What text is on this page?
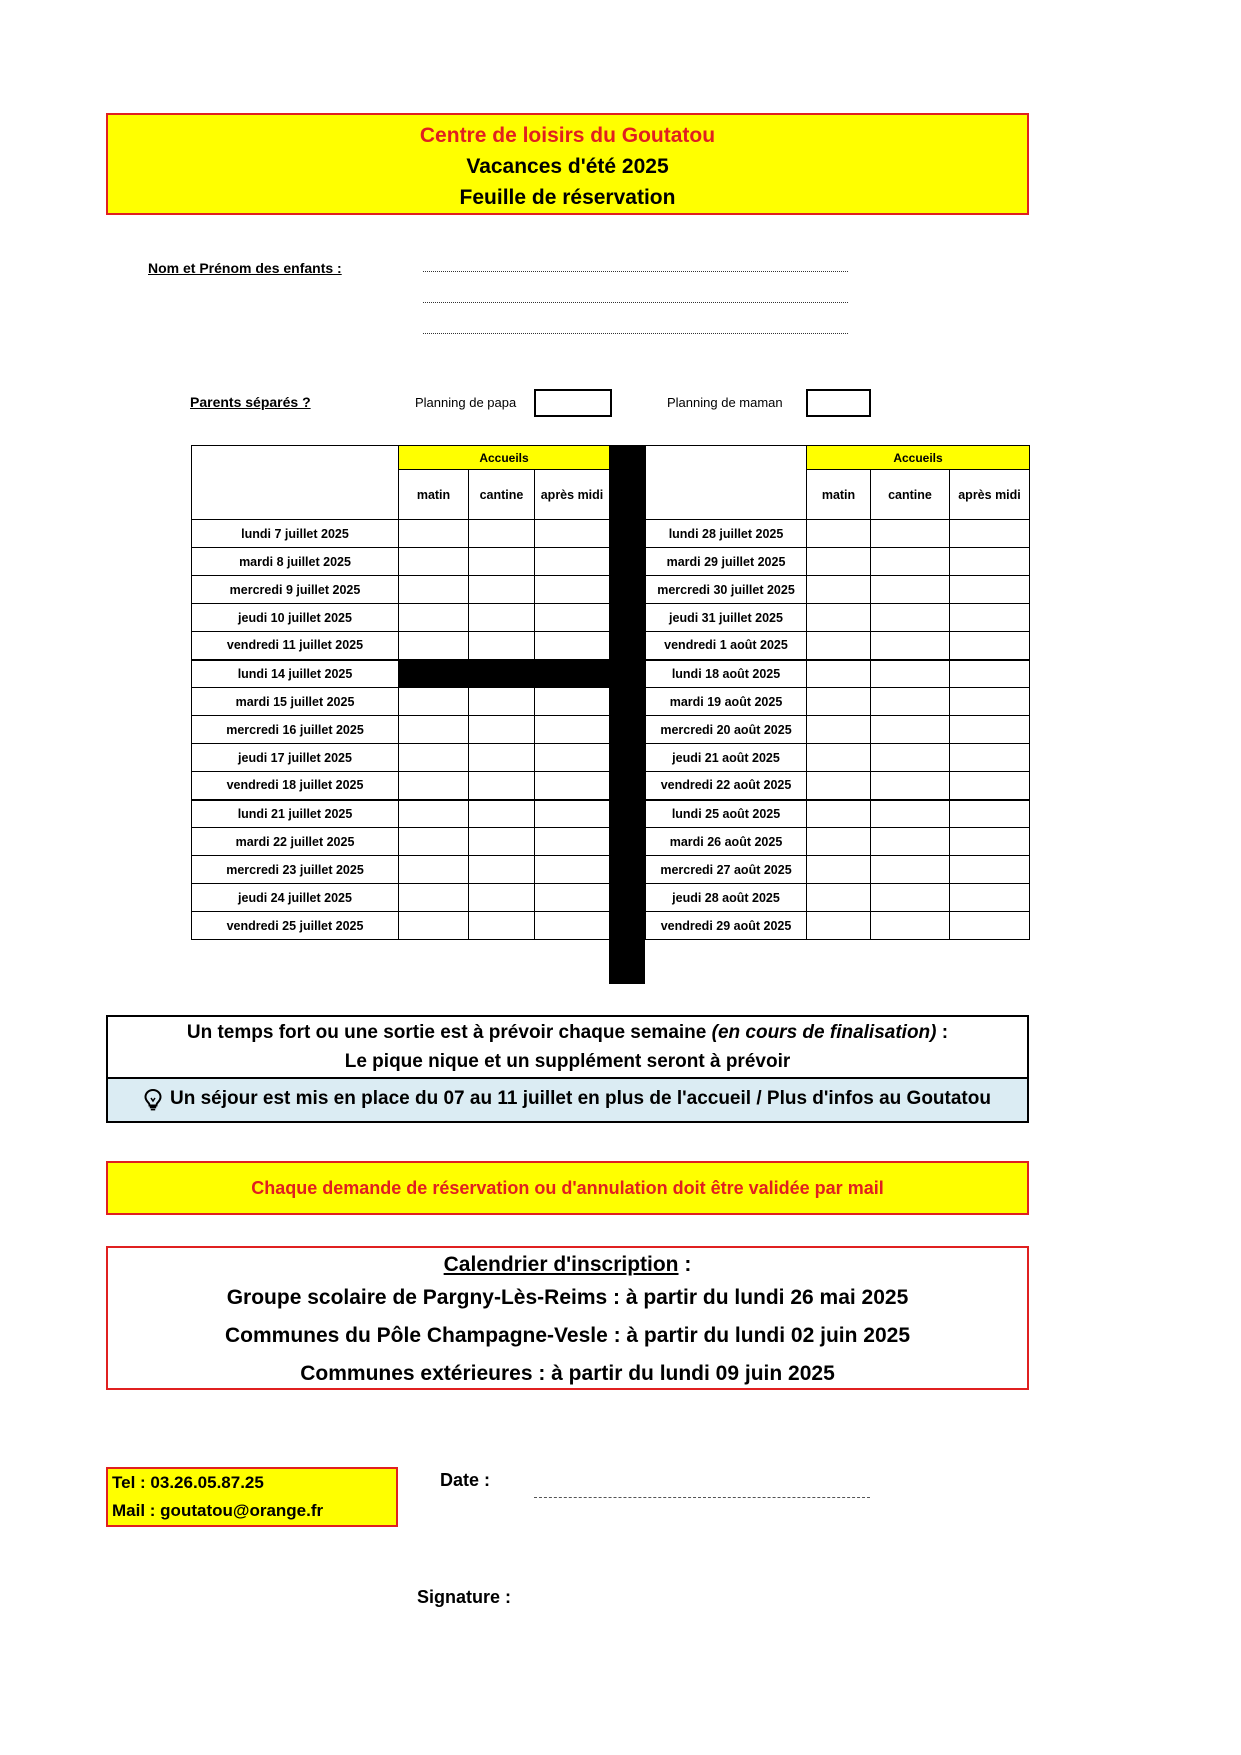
Centre de loisirs du Goutatou
Vacances d'été 2025
Feuille de réservation
Nom et Prénom des enfants :
Parents séparés ?	Planning de papa	Planning de maman
	Accueils		
	matin	cantine	après midi
lundi 7 juillet 2025			
mardi 8 juillet 2025			
mercredi 9 juillet 2025			
jeudi 10 juillet 2025			
vendredi 11 juillet 2025			
lundi 14 juillet 2025			
mardi 15 juillet 2025			
mercredi 16 juillet 2025			
jeudi 17 juillet 2025			
vendredi 18 juillet 2025			
lundi 21 juillet 2025			
mardi 22 juillet 2025			
mercredi 23 juillet 2025			
jeudi 24 juillet 2025			
vendredi 25 juillet 2025			
	Accueils		
	matin	cantine	après midi
lundi 28 juillet 2025			
mardi 29 juillet 2025			
mercredi 30 juillet 2025			
jeudi 31 juillet 2025			
vendredi 1 août 2025			
lundi 18 août 2025			
mardi 19 août 2025			
mercredi 20 août 2025			
jeudi 21 août 2025			
vendredi 22 août 2025			
lundi 25 août 2025			
mardi 26 août 2025			
mercredi 27 août 2025			
jeudi 28 août 2025			
vendredi 29 août 2025			
Un temps fort ou une sortie est à prévoir chaque semaine (en cours de finalisation) :
Le pique nique et un supplément seront à prévoir
Un séjour est mis en place du 07 au 11 juillet en plus de l'accueil / Plus d'infos au Goutatou
Chaque demande de réservation ou d'annulation doit être validée par mail
Calendrier d'inscription :
Groupe scolaire de Pargny-Lès-Reims : à partir du lundi 26 mai 2025
Communes du Pôle Champagne-Vesle : à partir du lundi 02 juin 2025
Communes extérieures : à partir du lundi 09 juin 2025
Tel : 03.26.05.87.25
Mail : goutatou@orange.fr
Date :
Signature :
